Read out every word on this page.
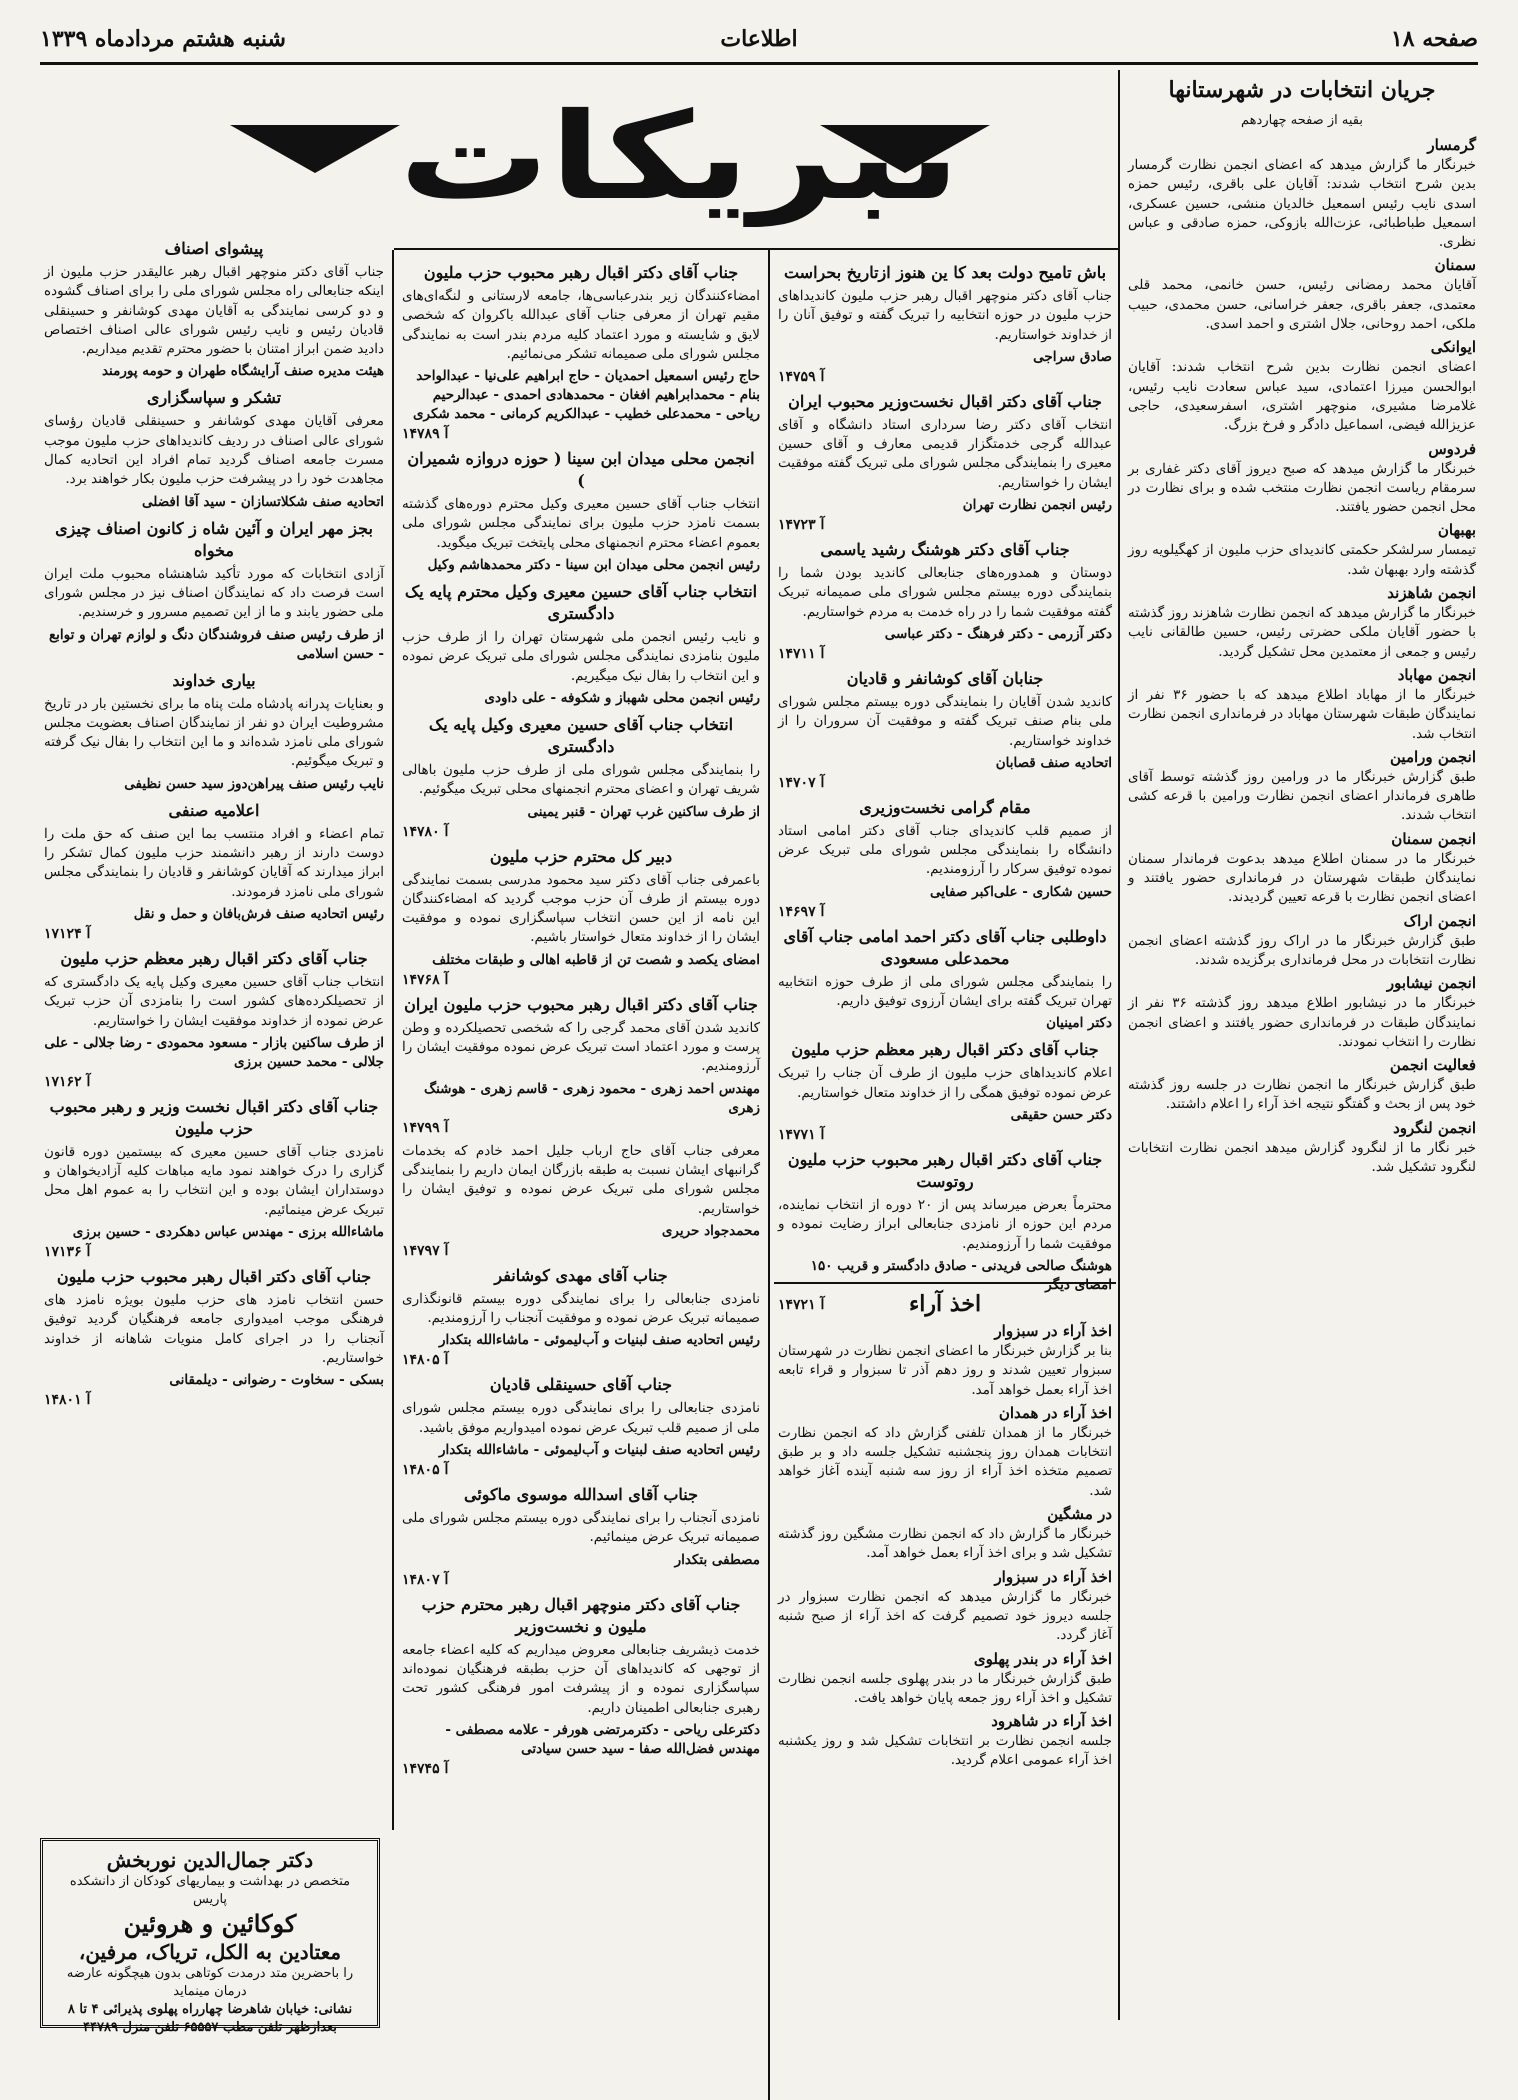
صفحه ۱۸
اطلاعات
شنبه هشتم مردادماه ۱۳۳۹
تبریکات	جریان انتخابات در شهرستانها
بقیه از صفحه چهاردهم
گرمسار

خبرنگار ما گزارش میدهد که اعضای انجمن نظارت گرمسار بدین شرح انتخاب شدند: آقایان علی باقری، رئیس حمزه اسدی نایب رئیس اسمعیل خالدیان منشی، حسین عسکری، اسمعیل طباطبائی، عزت‌الله بازوکی، حمزه صادقی و عباس نظری.

سمنان

آقایان محمد رمضانی رئیس، حسن خانمی، محمد قلی معتمدی، جعفر باقری، جعفر خراسانی، حسن محمدی، حبیب ملکی، احمد روحانی، جلال اشتری و احمد اسدی.

ایوانکی

اعضای انجمن نظارت بدین شرح انتخاب شدند: آقایان ابوالحسن میرزا اعتمادی، سید عباس سعادت نایب رئیس، غلامرضا مشیری، منوچهر اشتری، اسفرسعیدی، حاجی عزیزالله فیضی، اسماعیل دادگر و فرخ بزرگ.

فردوس

خبرنگار ما گزارش میدهد که صبح دیروز آقای دکتر غفاری بر سرمقام ریاست انجمن نظارت منتخب شده و برای نظارت در محل انجمن حضور یافتند.

بهبهان

تیمسار سرلشکر حکمتی کاندیدای حزب ملیون از کهگیلویه روز گذشته وارد بهبهان شد.

انجمن شاهزند

خبرنگار ما گزارش میدهد که انجمن نظارت شاهزند روز گذشته با حضور آقایان ملکی حضرتی رئیس، حسین طالقانی نایب رئیس و جمعی از معتمدین محل تشکیل گردید.

انجمن مهاباد

خبرنگار ما از مهاباد اطلاع میدهد که با حضور ۳۶ نفر از نمایندگان طبقات شهرستان مهاباد در فرمانداری انجمن نظارت انتخاب شد.

انجمن ورامین

طبق گزارش خبرنگار ما در ورامین روز گذشته توسط آقای طاهری فرماندار اعضای انجمن نظارت ورامین با قرعه کشی انتخاب شدند.

انجمن سمنان

خبرنگار ما در سمنان اطلاع میدهد بدعوت فرماندار سمنان نمایندگان طبقات شهرستان در فرمانداری حضور یافتند و اعضای انجمن نظارت با قرعه تعیین گردیدند.

انجمن اراک

طبق گزارش خبرنگار ما در اراک روز گذشته اعضای انجمن نظارت انتخابات در محل فرمانداری برگزیده شدند.

انجمن نیشابور

خبرنگار ما در نیشابور اطلاع میدهد روز گذشته ۳۶ نفر از نمایندگان طبقات در فرمانداری حضور یافتند و اعضای انجمن نظارت را انتخاب نمودند.

فعالیت انجمن

طبق گزارش خبرنگار ما انجمن نظارت در جلسه روز گذشته خود پس از بحث و گفتگو نتیجه اخذ آراء را اعلام داشتند.

انجمن لنگرود

خبر نگار ما از لنگرود گزارش میدهد انجمن نظارت انتخابات لنگرود تشکیل شد.

باش تامیح دولت بعد کا ین هنوز ازتاریخ بحراست

جناب آقای دکتر منوچهر اقبال رهبر حزب ملیون کاندیداهای حزب ملیون در حوزه انتخابیه را تبریک گفته و توفیق آنان را از خداوند خواستاریم.

صادق سراجی
آ ۱۴۷۵۹
جناب آقای دکتر اقبال نخست‌وزیر محبوب ایران

انتخاب آقای دکتر رضا سرداری استاد دانشگاه و آقای عبدالله گرجی خدمتگزار قدیمی معارف و آقای حسین معیری را بنمایندگی مجلس شورای ملی تبریک گفته موفقیت ایشان را خواستاریم.

رئیس انجمن نظارت تهران
آ ۱۴۷۲۳
جناب آقای دکتر هوشنگ رشید یاسمی

دوستان و همدوره‌های جنابعالی کاندید بودن شما را بنمایندگی دوره بیستم مجلس شورای ملی صمیمانه تبریک گفته موفقیت شما را در راه خدمت به مردم خواستاریم.

دکتر آزرمی - دکتر فرهنگ - دکتر عباسی
آ ۱۴۷۱۱
جنابان آقای کوشانفر و قادیان

کاندید شدن آقایان را بنمایندگی دوره بیستم مجلس شورای ملی بنام صنف تبریک گفته و موفقیت آن سروران را از خداوند خواستاریم.

اتحادیه صنف قصابان
آ ۱۴۷۰۷
مقام گرامی نخست‌وزیری

از صمیم قلب کاندیدای جناب آقای دکتر امامی استاد دانشگاه را بنمایندگی مجلس شورای ملی تبریک عرض نموده توفیق سرکار را آرزومندیم.

حسین شکاری - علی‌اکبر صفایی
آ ۱۴۶۹۷
داوطلبی جناب آقای دکتر احمد امامی جناب آقای محمدعلی مسعودی

را بنمایندگی مجلس شورای ملی از طرف حوزه انتخابیه تهران تبریک گفته برای ایشان آرزوی توفیق داریم.

دکتر امینیان
جناب آقای دکتر اقبال رهبر معظم حزب ملیون

اعلام کاندیداهای حزب ملیون از طرف آن جناب را تبریک عرض نموده توفیق همگی را از خداوند متعال خواستاریم.

دکتر حسن حقیقی
آ ۱۴۷۷۱
جناب آقای دکتر اقبال رهبر محبوب حزب ملیون روتوست

محترماً بعرض میرساند پس از ۲۰ دوره از انتخاب نماینده، مردم این حوزه از نامزدی جنابعالی ابراز رضایت نموده و موفقیت شما را آرزومندیم.

هوشنگ صالحی فریدنی - صادق دادگستر و قریب ۱۵۰ امضای دیگر
آ ۱۴۷۲۱	اخذ آراء
اخذ آراء در سبزوار

بنا بر گزارش خبرنگار ما اعضای انجمن نظارت در شهرستان سبزوار تعیین شدند و روز دهم آذر تا سبزوار و قراء تابعه اخذ آراء بعمل خواهد آمد.

اخذ آراء در همدان

خبرنگار ما از همدان تلفنی گزارش داد که انجمن نظارت انتخابات همدان روز پنجشنبه تشکیل جلسه داد و بر طبق تصمیم متخذه اخذ آراء از روز سه شنبه آینده آغاز خواهد شد.

در مشگین

خبرنگار ما گزارش داد که انجمن نظارت مشگین روز گذشته تشکیل شد و برای اخذ آراء بعمل خواهد آمد.

اخذ آراء در سبزوار

خبرنگار ما گزارش میدهد که انجمن نظارت سبزوار در جلسه دیروز خود تصمیم گرفت که اخذ آراء از صبح شنبه آغاز گردد.

اخذ آراء در بندر پهلوی

طبق گزارش خبرنگار ما در بندر پهلوی جلسه انجمن نظارت تشکیل و اخذ آراء روز جمعه پایان خواهد یافت.

اخذ آراء در شاهرود

جلسه انجمن نظارت بر انتخابات تشکیل شد و روز یکشنبه اخذ آراء عمومی اعلام گردید.

جناب آقای دکتر اقبال رهبر محبوب حزب ملیون

امضاء‌کنندگان زیر بندرعباسی‌ها، جامعه لارستانی و لنگه‌ای‌های مقیم تهران از معرفی جناب آقای عبدالله باکروان که شخصی لایق و شایسته و مورد اعتماد کلیه مردم بندر است به نمایندگی مجلس شورای ملی صمیمانه تشکر می‌نمائیم.

حاج رئیس اسمعیل احمدیان - حاج ابراهیم علی‌نیا - عبدالواحد بنام - محمدابراهیم افغان - محمدهادی احمدی - عبدالرحیم ریاحی - محمدعلی خطیب - عبدالکریم کرمانی - محمد شکری
آ ۱۴۷۸۹
انجمن محلی میدان ابن سینا ( حوزه دروازه شمیران )

انتخاب جناب آقای حسین معیری وکیل محترم دوره‌های گذشته بسمت نامزد حزب ملیون برای نمایندگی مجلس شورای ملی بعموم اعضاء محترم انجمنهای محلی پایتخت تبریک میگوید.

رئیس انجمن محلی میدان ابن سینا - دکتر محمدهاشم وکیل
انتخاب جناب آقای حسین معیری وکیل محترم پایه یک دادگستری

و نایب رئیس انجمن ملی شهرستان تهران را از طرف حزب ملیون بنامزدی نمایندگی مجلس شورای ملی تبریک عرض نموده و این انتخاب را بفال نیک میگیریم.

رئیس انجمن محلی شهباز و شکوفه - علی داودی
انتخاب جناب آقای حسین معیری وکیل پایه یک دادگستری

را بنمایندگی مجلس شورای ملی از طرف حزب ملیون باهالی شریف تهران و اعضای محترم انجمنهای محلی تبریک میگوئیم.

از طرف ساکنین غرب تهران - قنبر یمینی
آ ۱۴۷۸۰
دبیر کل محترم حزب ملیون

باعمرفی جناب آقای دکتر سید محمود مدرسی بسمت نمایندگی دوره بیستم از طرف آن حزب موجب گردید که امضاءکنندگان این نامه از این حسن انتخاب سپاسگزاری نموده و موفقیت ایشان را از خداوند متعال خواستار باشیم.

امضای یکصد و شصت تن از قاطبه اهالی و طبقات مختلف
آ ۱۴۷۶۸
جناب آقای دکتر اقبال رهبر محبوب حزب ملیون ایران

کاندید شدن آقای محمد گرجی را که شخصی تحصیلکرده و وطن پرست و مورد اعتماد است تبریک عرض نموده موفقیت ایشان را آرزومندیم.

مهندس احمد زهری - محمود زهری - قاسم زهری - هوشنگ زهری
آ ۱۴۷۹۹

معرفی جناب آقای حاج ارباب جلیل احمد خادم که بخدمات گرانبهای ایشان نسبت به طبقه بازرگان ایمان داریم را بنمایندگی مجلس شورای ملی تبریک عرض نموده و توفیق ایشان را خواستاریم.

محمدجواد حریری
آ ۱۴۷۹۷
جناب آقای مهدی کوشانفر

نامزدی جنابعالی را برای نمایندگی دوره بیستم قانونگذاری صمیمانه تبریک عرض نموده و موفقیت آنجناب را آرزومندیم.

رئیس اتحادیه صنف لبنیات و آب‌لیموئی - ماشاءالله بتکدار
آ ۱۴۸۰۵
جناب آقای حسینقلی قادیان

نامزدی جنابعالی را برای نمایندگی دوره بیستم مجلس شورای ملی از صمیم قلب تبریک عرض نموده امیدواریم موفق باشید.

رئیس اتحادیه صنف لبنیات و آب‌لیموئی - ماشاءالله بتکدار
آ ۱۴۸۰۵
جناب آقای اسدالله موسوی ماکوئی

نامزدی آنجناب را برای نمایندگی دوره بیستم مجلس شورای ملی صمیمانه تبریک عرض مینمائیم.

مصطفی بتکدار
آ ۱۴۸۰۷
جناب آقای دکتر منوچهر اقبال رهبر محترم حزب ملیون و نخست‌وزیر

خدمت ذیشریف جنابعالی معروض میداریم که کلیه اعضاء جامعه از توجهی که کاندیداهای آن حزب بطبقه فرهنگیان نموده‌اند سپاسگزاری نموده و از پیشرفت امور فرهنگی کشور تحت رهبری جنابعالی اطمینان داریم.

دکترعلی ریاحی - دکترمرتضی هورفر - علامه مصطفی - مهندس فضل‌الله صفا - سید حسن سیادتی
آ ۱۴۷۴۵
پیشوای اصناف

جناب آقای دکتر منوچهر اقبال رهبر عالیقدر حزب ملیون از اینکه جنابعالی راه مجلس شورای ملی را برای اصناف گشوده و دو کرسی نمایندگی به آقایان مهدی کوشانفر و حسینقلی قادیان رئیس و نایب رئیس شورای عالی اصناف اختصاص دادید ضمن ابراز امتنان با حضور محترم تقدیم میداریم.

هیئت مدیره صنف آرایشگاه طهران و حومه پورمند
تشکر و سپاسگزاری

معرفی آقایان مهدی کوشانفر و حسینقلی قادیان رؤسای شورای عالی اصناف در ردیف کاندیداهای حزب ملیون موجب مسرت جامعه اصناف گردید تمام افراد این اتحادیه کمال مجاهدت خود را در پیشرفت حزب ملیون بکار خواهند برد.

اتحادیه صنف شکلاتسازان - سید آقا افضلی
بجز مهر ایران و آئین شاه ز کانون اصناف چیزی مخواه

آزادی انتخابات که مورد تأکید شاهنشاه محبوب ملت ایران است فرصت داد که نمایندگان اصناف نیز در مجلس شورای ملی حضور یابند و ما از این تصمیم مسرور و خرسندیم.

از طرف رئیس صنف فروشندگان دنگ و لوازم تهران و توابع - حسن اسلامی
بیاری خداوند

و بعنایات پدرانه پادشاه ملت پناه ما برای نخستین بار در تاریخ مشروطیت ایران دو نفر از نمایندگان اصناف بعضویت مجلس شورای ملی نامزد شده‌اند و ما این انتخاب را بفال نیک گرفته و تبریک میگوئیم.

نایب رئیس صنف پیراهن‌دوز سید حسن نظیفی
اعلامیه صنفی

تمام اعضاء و افراد منتسب بما این صنف که حق ملت را دوست دارند از رهبر دانشمند حزب ملیون کمال تشکر را ابراز میدارند که آقایان کوشانفر و قادیان را بنمایندگی مجلس شورای ملی نامزد فرمودند.

رئیس اتحادیه صنف فرش‌بافان و حمل و نقل
آ ۱۷۱۲۴
جناب آقای دکتر اقبال رهبر معظم حزب ملیون

انتخاب جناب آقای حسین معیری وکیل پایه یک دادگستری که از تحصیلکرده‌های کشور است را بنامزدی آن حزب تبریک عرض نموده از خداوند موفقیت ایشان را خواستاریم.

از طرف ساکنین بازار - مسعود محمودی - رضا جلالی - علی جلالی - محمد حسین برزی
آ ۱۷۱۶۲
جناب آقای دکتر اقبال نخست وزیر و رهبر محبوب حزب ملیون

نامزدی جناب آقای حسین معیری که بیستمین دوره قانون گزاری را درک خواهند نمود مایه مباهات کلیه آزادیخواهان و دوستداران ایشان بوده و این انتخاب را به عموم اهل محل تبریک عرض مینمائیم.

ماشاءالله برزی - مهندس عباس دهکردی - حسین برزی
آ ۱۷۱۳۶
جناب آقای دکتر اقبال رهبر محبوب حزب ملیون

حسن انتخاب نامزد های حزب ملیون بویژه نامزد های فرهنگی موجب امیدواری جامعه فرهنگیان گردید توفیق آنجناب را در اجرای کامل منویات شاهانه از خداوند خواستاریم.

بسکی - سخاوت - رضوانی - دیلمقانی
آ ۱۴۸۰۱
دکتر جمال‌الدین نوربخش
متخصص در بهداشت و بیماریهای کودکان از دانشکده پاریس
کوکائین و هروئین
معتادین به الکل، تریاک، مرفین،
را باحضرین متد درمدت کوتاهی بدون هیچگونه عارضه درمان مینماید
نشانی: خیابان شاهرضا چهارراه پهلوی پذیرائی ۴ تا ۸ بعدازظهر تلفن مطب ۶۵۵۵۷ تلفن منزل ۴۴۷۸۹
